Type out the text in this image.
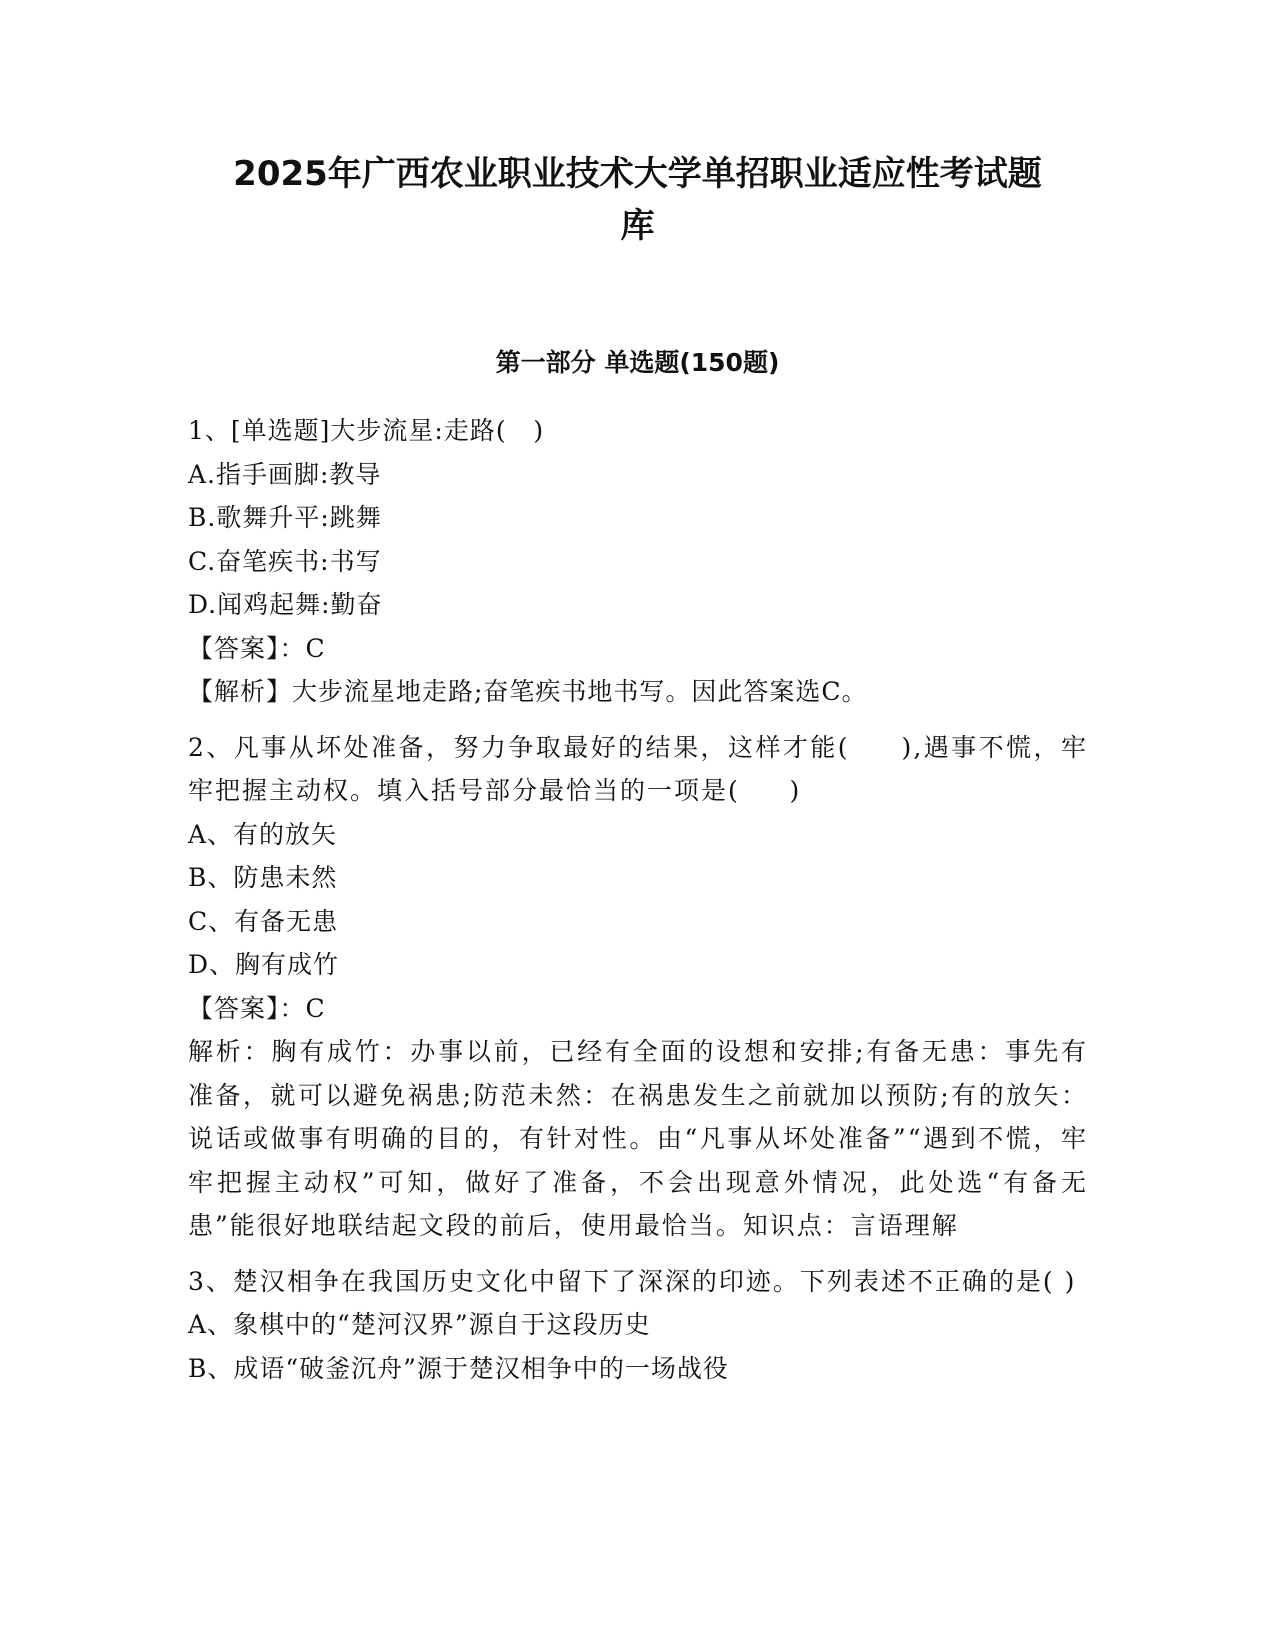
2025年广西农业职业技术大学单招职业适应性考试题
库
第一部分 单选题(150题)

1、[单选题]大步流星:走路(   )

A.指手画脚:教导

B.歌舞升平:跳舞

C.奋笔疾书:书写

D.闻鸡起舞:勤奋

【答案】：C

【解析】大步流星地走路;奋笔疾书地书写。因此答案选C。

2、凡事从坏处准备，努力争取最好的结果，这样才能(     ),遇事不慌，牢牢把握主动权。填入括号部分最恰当的一项是(     )

A、有的放矢

B、防患未然

C、有备无患

D、胸有成竹

【答案】：C

解析：胸有成竹：办事以前，已经有全面的设想和安排;有备无患：事先有准备，就可以避免祸患;防范未然：在祸患发生之前就加以预防;有的放矢：说话或做事有明确的目的，有针对性。由“凡事从坏处准备”“遇到不慌，牢牢把握主动权”可知，做好了准备，不会出现意外情况，此处选“有备无患”能很好地联结起文段的前后，使用最恰当。知识点：言语理解

3、楚汉相争在我国历史文化中留下了深深的印迹。下列表述不正确的是( )

A、象棋中的“楚河汉界”源自于这段历史

B、成语“破釜沉舟”源于楚汉相争中的一场战役
